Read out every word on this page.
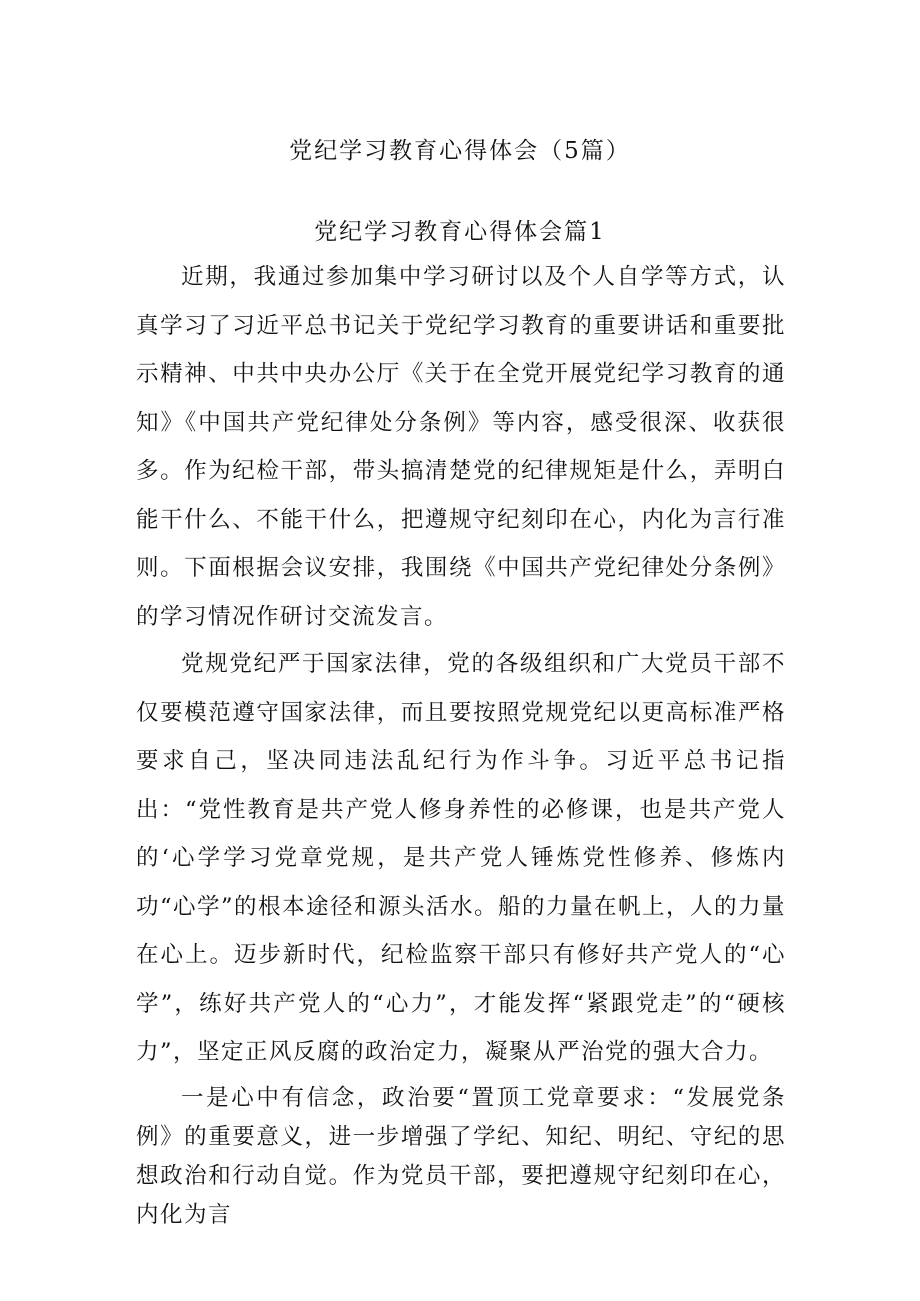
党纪学习教育心得体会（5篇）
党纪学习教育心得体会篇1

近期，我通过参加集中学习研讨以及个人自学等方式，认真学习了习近平总书记关于党纪学习教育的重要讲话和重要批示精神、中共中央办公厅《关于在全党开展党纪学习教育的通知》《中国共产党纪律处分条例》等内容，感受很深、收获很多。作为纪检干部，带头搞清楚党的纪律规矩是什么，弄明白能干什么、不能干什么，把遵规守纪刻印在心，内化为言行准则。下面根据会议安排，我围绕《中国共产党纪律处分条例》的学习情况作研讨交流发言。

党规党纪严于国家法律，党的各级组织和广大党员干部不仅要模范遵守国家法律，而且要按照党规党纪以更高标准严格要求自己，坚决同违法乱纪行为作斗争。习近平总书记指出：“党性教育是共产党人修身养性的必修课，也是共产党人的‘心学学习党章党规，是共产党人锤炼党性修养、修炼内功“心学”的根本途径和源头活水。船的力量在帆上，人的力量在心上。迈步新时代，纪检监察干部只有修好共产党人的“心学”，练好共产党人的“心力”，才能发挥“紧跟党走”的“硬核力”，坚定正风反腐的政治定力，凝聚从严治党的强大合力。

一是心中有信念，政治要“置顶工党章要求：“发展党条例》的重要意义，进一步增强了学纪、知纪、明纪、守纪的思想政治和行动自觉。作为党员干部，要把遵规守纪刻印在心，内化为言
